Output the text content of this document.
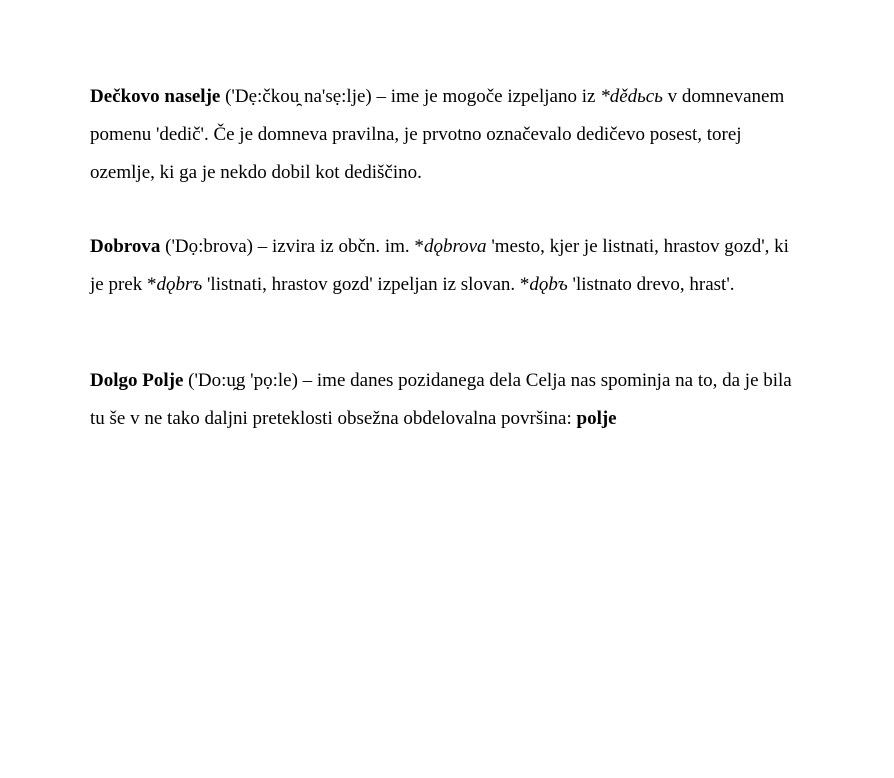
Dečkovo naselje ('Dẹ:čkou̯ na'sẹ:lje) – ime je mogoče izpeljano iz *dědьсь v domnevanem
pomenu 'dedič'. Če je domneva pravilna, je prvotno označevalo dedičevo posest, torej
ozemlje, ki ga je nekdo dobil kot dediščino.
Dobrova ('Dọ:brova) – izvira iz občn. im. *dǫbrova 'mesto, kjer je listnati, hrastov gozd', ki
je prek *dǫbrъ 'listnati, hrastov gozd' izpeljan iz slovan. *dǫbъ 'listnato drevo, hrast'.
Dolgo Polje ('Do:u̯g 'pọ:le) – ime danes pozidanega dela Celja nas spominja na to, da je bila
tu še v ne tako daljni preteklosti obsežna obdelovalna površina: polje
